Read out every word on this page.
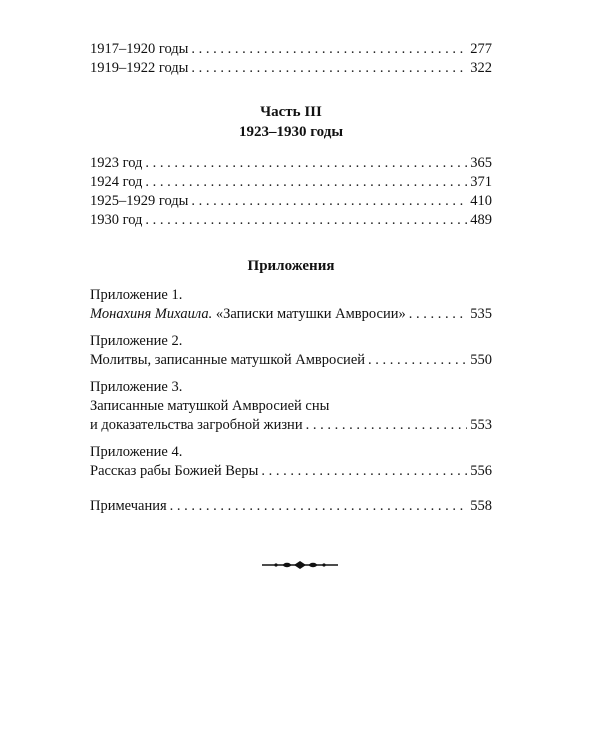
1917–1920 годы . . .	277
1919–1922 годы . . .	322
Часть III
1923–1930 годы
1923 год . . .	365
1924 год . . .	371
1925–1929 годы . . .	410
1930 год . . .	489
Приложения
Приложение 1.
Монахиня Михаила. «Записки матушки Амвросии» . . .	535
Приложение 2.
Молитвы, записанные матушкой Амвросией . . .	550
Приложение 3.
Записанные матушкой Амвросией сны
и доказательства загробной жизни . . .	553
Приложение 4.
Рассказ рабы Божией Веры . . .	556
Примечания . . .	558
